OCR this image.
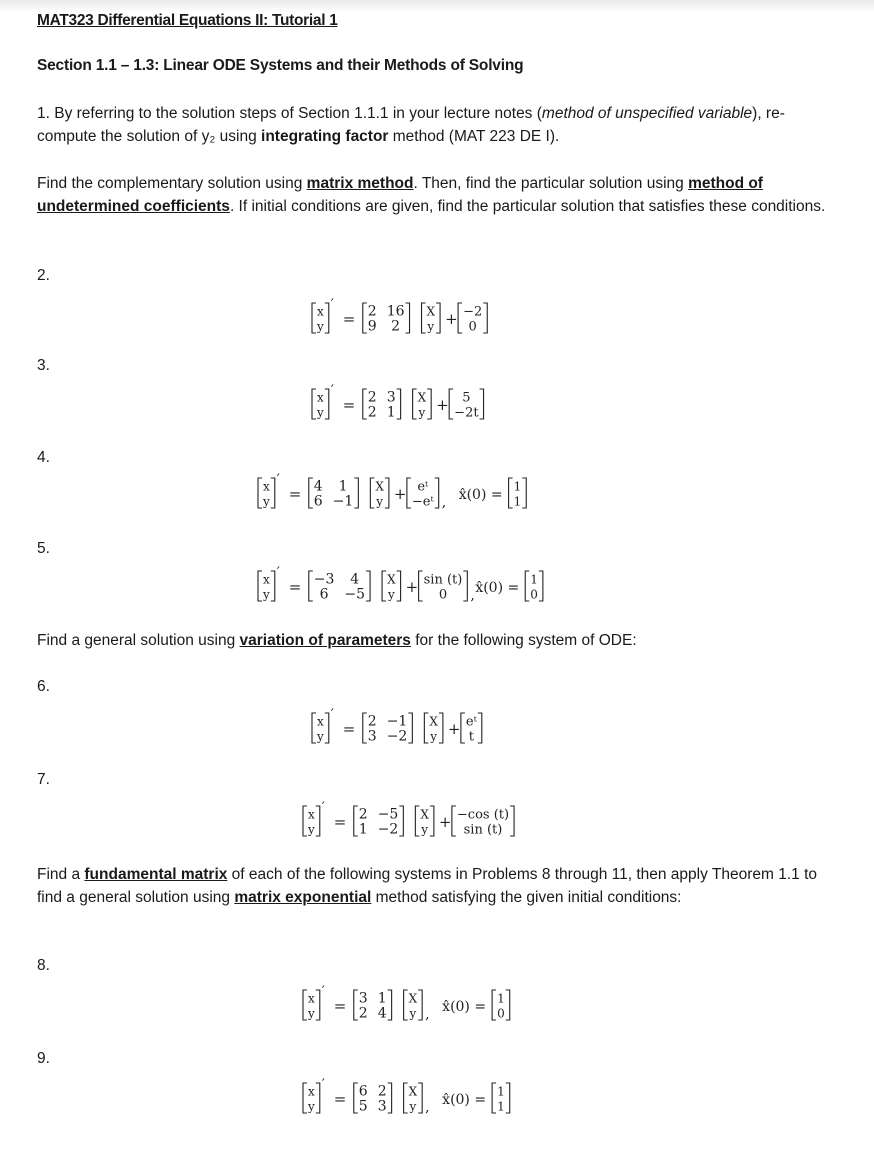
MAT323 Differential Equations II: Tutorial 1
Section 1.1 – 1.3: Linear ODE Systems and their Methods of Solving
1. By referring to the solution steps of Section 1.1.1 in your lecture notes (method of unspecified variable), re-compute the solution of y₂ using integrating factor method (MAT 223 DE I).
Find the complementary solution using matrix method. Then, find the particular solution using method of undetermined coefficients. If initial conditions are given, find the particular solution that satisfies these conditions.
Find a general solution using variation of parameters for the following system of ODE:
Find a fundamental matrix of each of the following systems in Problems 8 through 11, then apply Theorem 1.1 to find a general solution using matrix exponential method satisfying the given initial conditions:
2.
3.
4.
5.
6.
7.
8.
9.
x
y
′
= 2 16
9 2
X
y + −2
0
x
y
′
= 2 3
2 1
X
y + 5
−2t
x
y
′
= 4 1
6 −1
X
y + eᵗ
−eᵗ , x̂(0) =
1
1
x
y
′
= −3 4
6 −5
X
y + sin (t)
0 , x̂(0) =
1
0
x
y
′
= 2 −1
3 −2
X
y + eᵗ
t
x
y
′
= 2 −5
1 −2
X
y + −cos (t)
sin (t)
x
y
′
= 3 1
2 4
X
y , x̂(0) =
1
0
x
y
′
= 6 2
5 3
X
y , x̂(0) =
1
1
